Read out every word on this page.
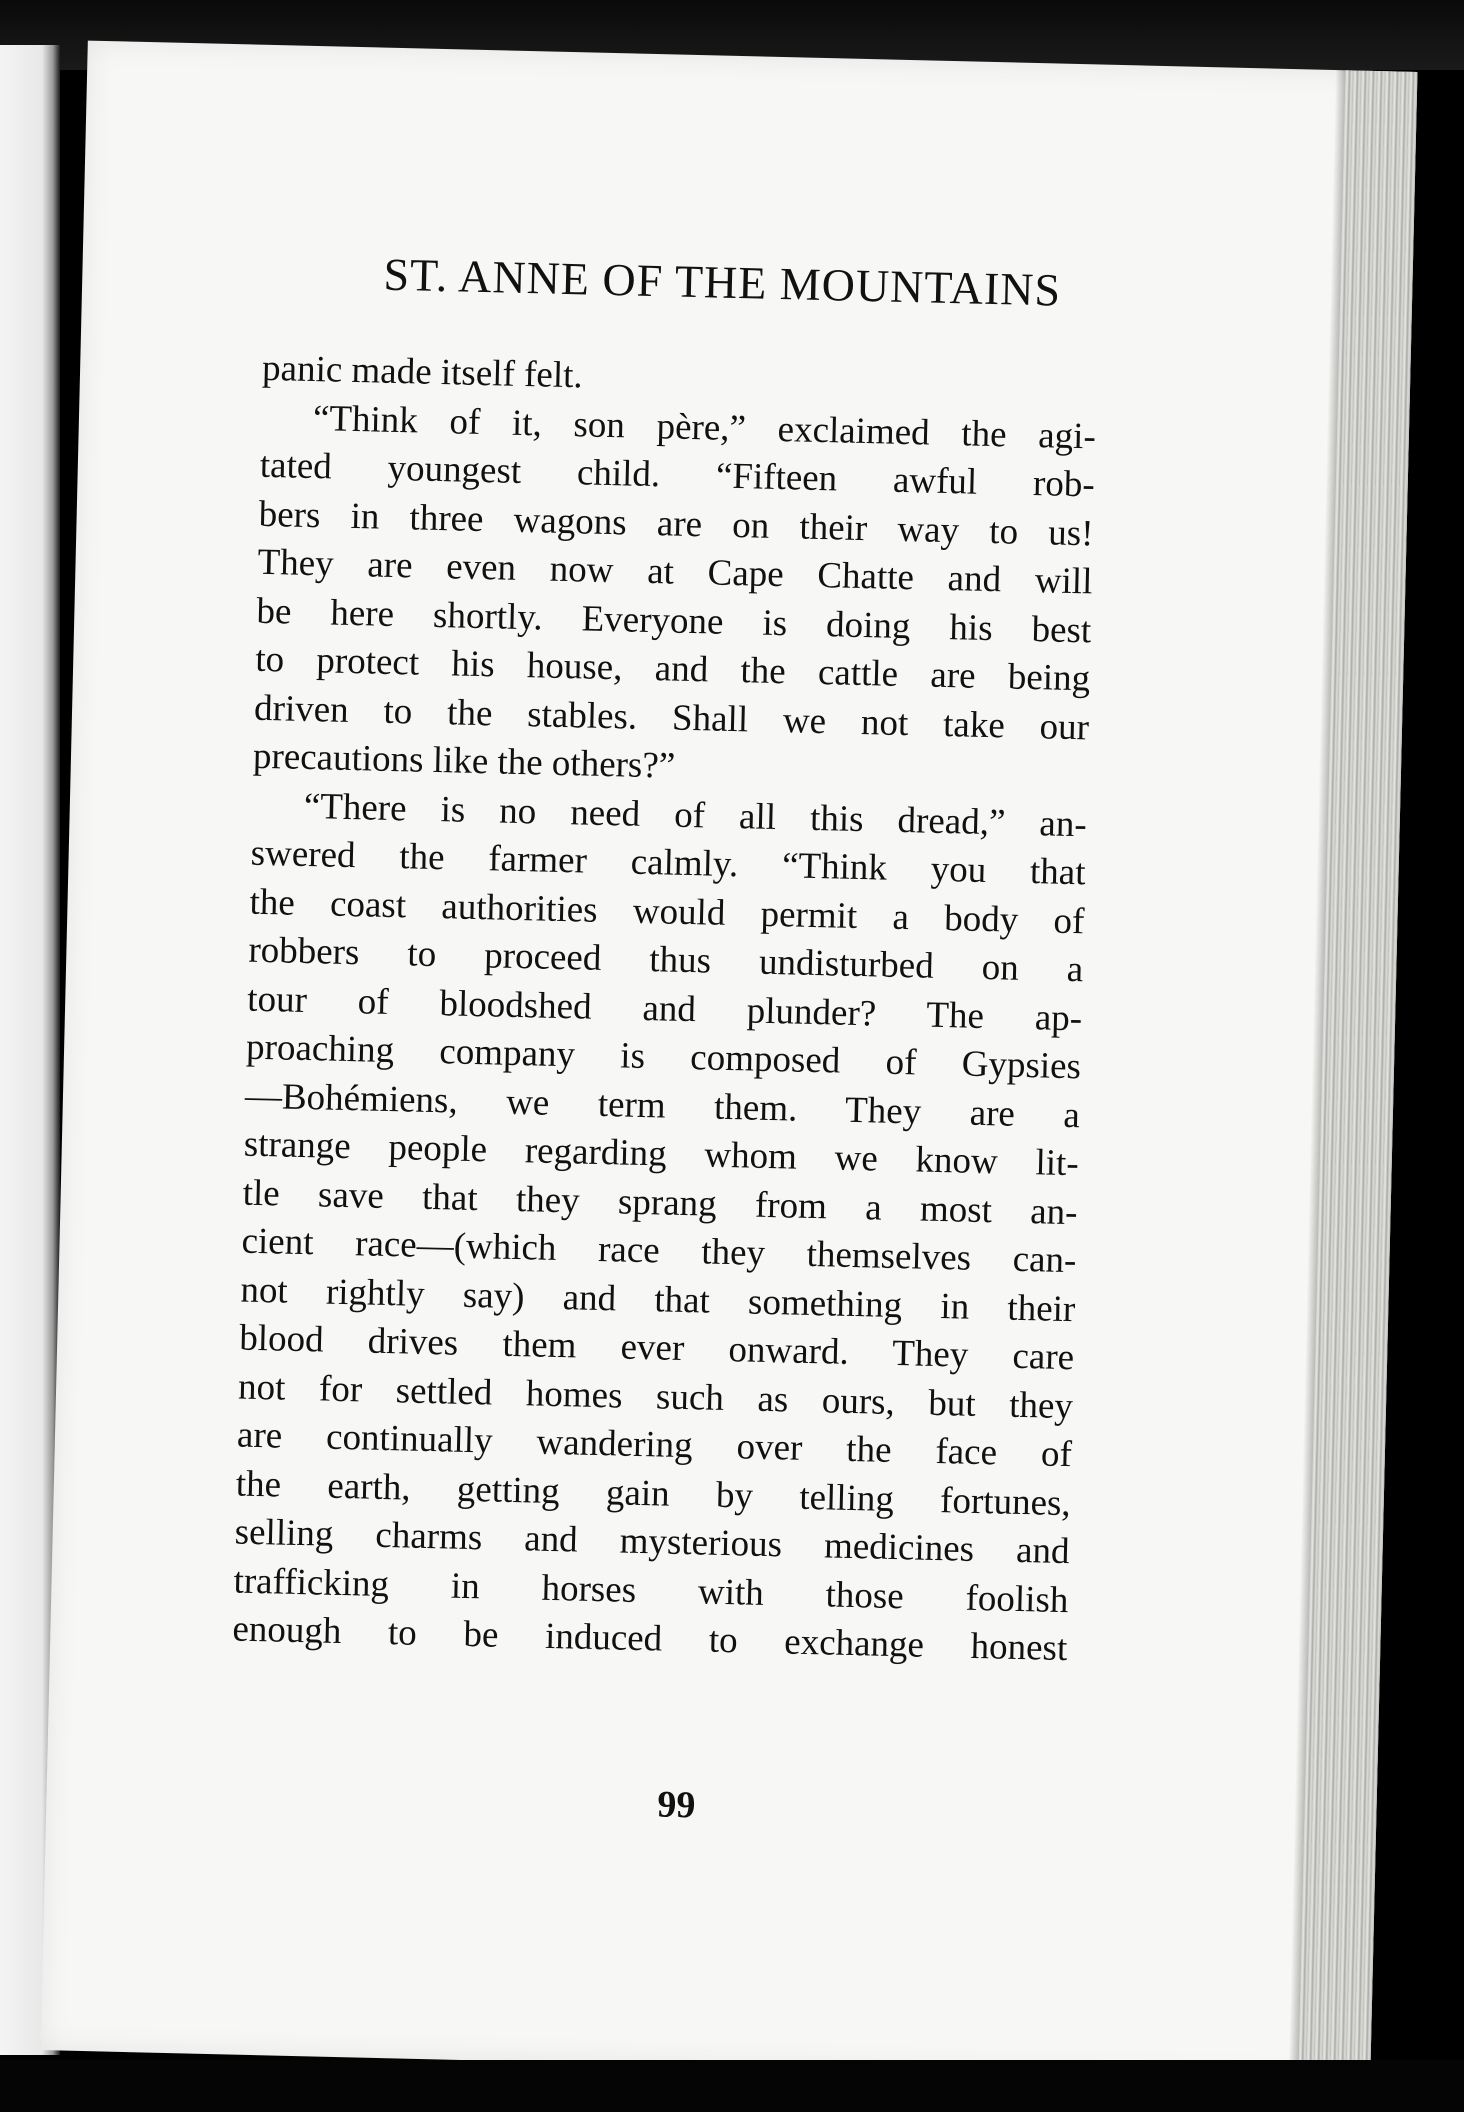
ST. ANNE OF THE MOUNTAINS
panic made itself felt.
“Think of it, son père,” exclaimed the agi-
tated youngest child. “Fifteen awful rob-
bers in three wagons are on their way to us!
They are even now at Cape Chatte and will
be here shortly. Everyone is doing his best
to protect his house, and the cattle are being
driven to the stables. Shall we not take our
precautions like the others?”
“There is no need of all this dread,” an-
swered the farmer calmly. “Think you that
the coast authorities would permit a body of
robbers to proceed thus undisturbed on a
tour of bloodshed and plunder? The ap-
proaching company is composed of Gypsies
—Bohémiens, we term them. They are a
strange people regarding whom we know lit-
tle save that they sprang from a most an-
cient race—(which race they themselves can-
not rightly say) and that something in their
blood drives them ever onward. They care
not for settled homes such as ours, but they
are continually wandering over the face of
the earth, getting gain by telling fortunes,
selling charms and mysterious medicines and
trafficking in horses with those foolish
enough to be induced to exchange honest
99
